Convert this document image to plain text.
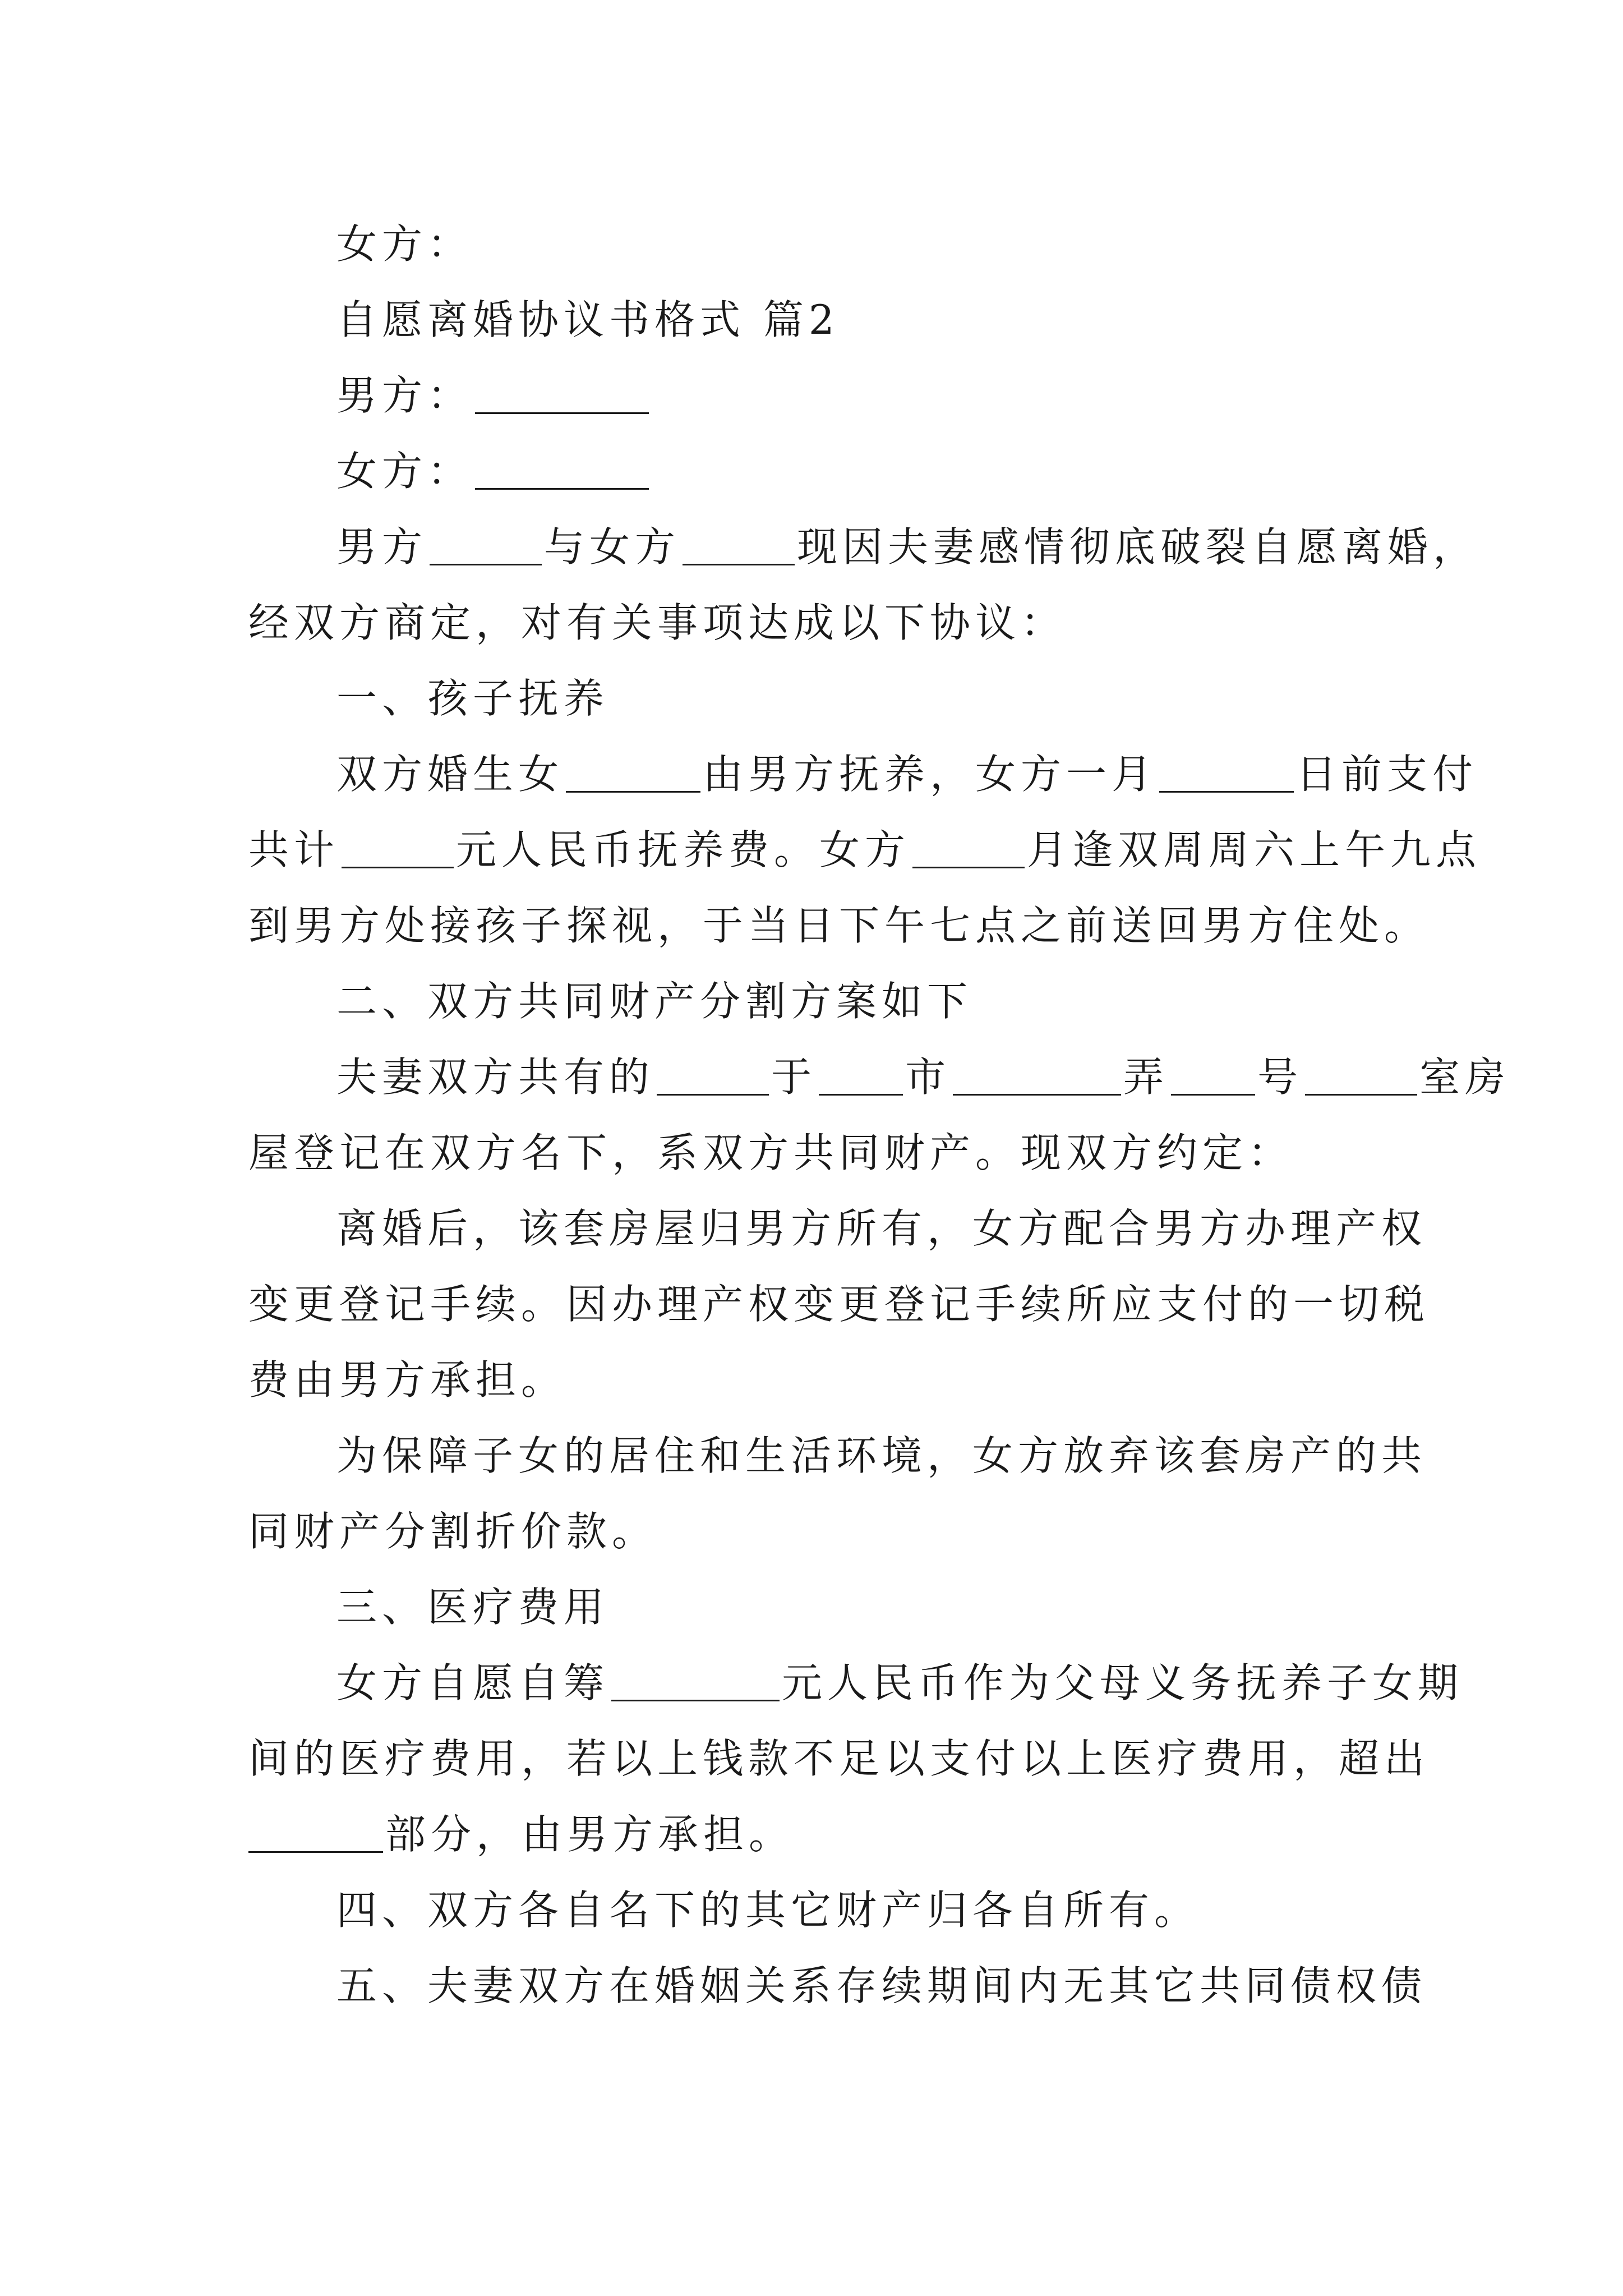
女方：
自愿离婚协议书格式 篇2
男方：
女方：
男方	与女方	现因夫妻感情彻底破裂自愿离婚，
经双方商定，对有关事项达成以下协议：
一、孩子抚养
双方婚生女	由男方抚养，女方一月	日前支付
共计	元人民币抚养费。女方	月逢双周周六上午九点
到男方处接孩子探视，于当日下午七点之前送回男方住处。
二、双方共同财产分割方案如下
夫妻双方共有的	于 市	弄 号	室房
屋登记在双方名下，系双方共同财产。现双方约定：
离婚后，该套房屋归男方所有，女方配合男方办理产权
变更登记手续。因办理产权变更登记手续所应支付的一切税
费由男方承担。
为保障子女的居住和生活环境，女方放弃该套房产的共
同财产分割折价款。
三、医疗费用
女方自愿自筹	元人民币作为父母义务抚养子女期
间的医疗费用，若以上钱款不足以支付以上医疗费用，超出
部分，由男方承担。
四、双方各自名下的其它财产归各自所有。
五、夫妻双方在婚姻关系存续期间内无其它共同债权债
